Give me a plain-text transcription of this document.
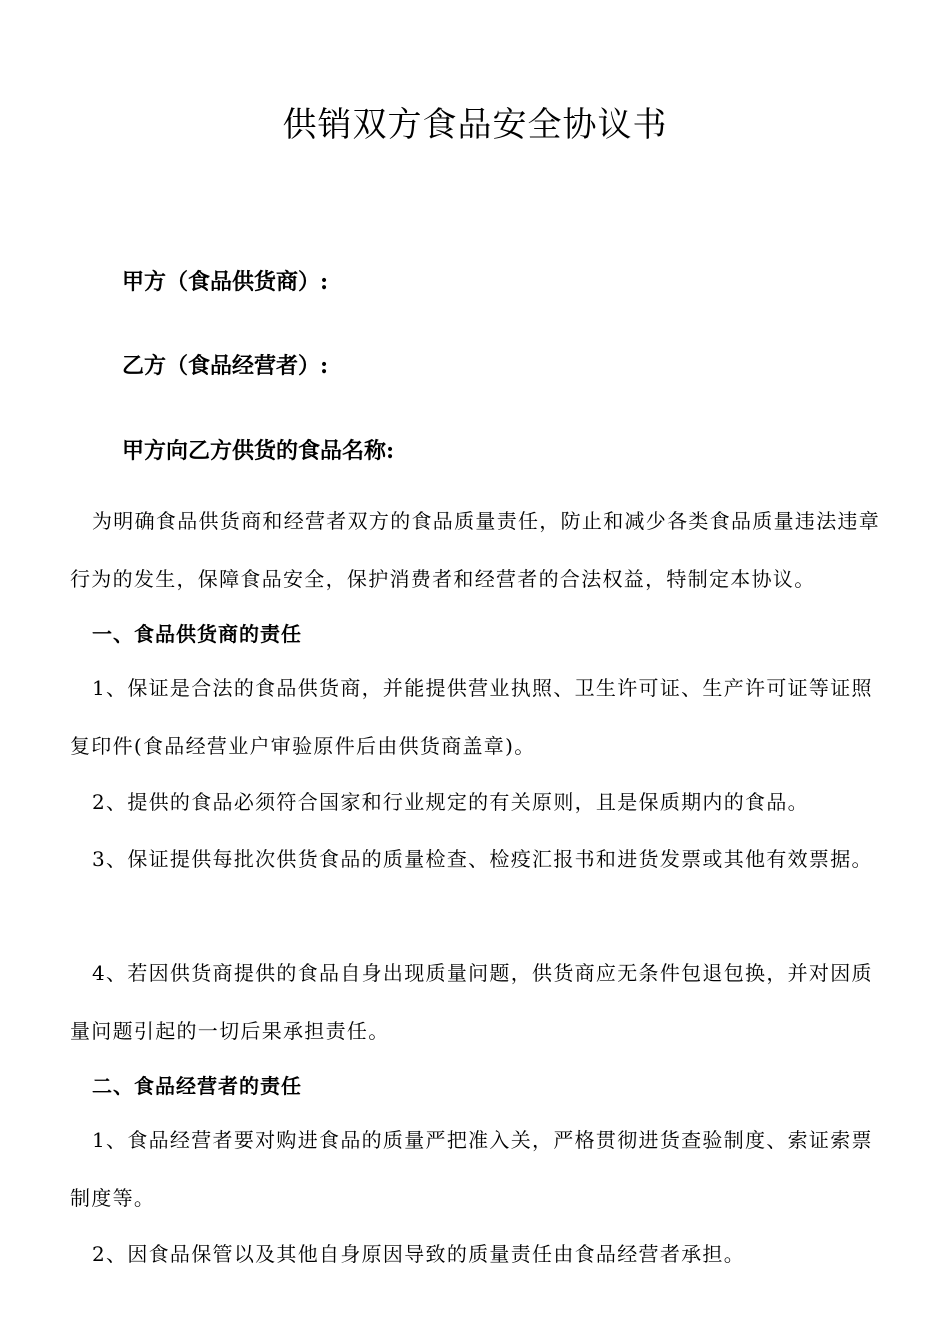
供销双方食品安全协议书
甲方（食品供货商）:
乙方（食品经营者）:
甲方向乙方供货的食品名称:

为明确食品供货商和经营者双方的食品质量责任，防止和减少各类食品质量违法违章行为的发生，保障食品安全，保护消费者和经营者的合法权益，特制定本协议。

一、食品供货商的责任

1、保证是合法的食品供货商，并能提供营业执照、卫生许可证、生产许可证等证照复印件(食品经营业户审验原件后由供货商盖章)。

2、提供的食品必须符合国家和行业规定的有关原则，且是保质期内的食品。

3、保证提供每批次供货食品的质量检查、检疫汇报书和进货发票或其他有效票据。

4、若因供货商提供的食品自身出现质量问题，供货商应无条件包退包换，并对因质量问题引起的一切后果承担责任。

二、食品经营者的责任

1、食品经营者要对购进食品的质量严把准入关，严格贯彻进货查验制度、索证索票制度等。

2、因食品保管以及其他自身原因导致的质量责任由食品经营者承担。
